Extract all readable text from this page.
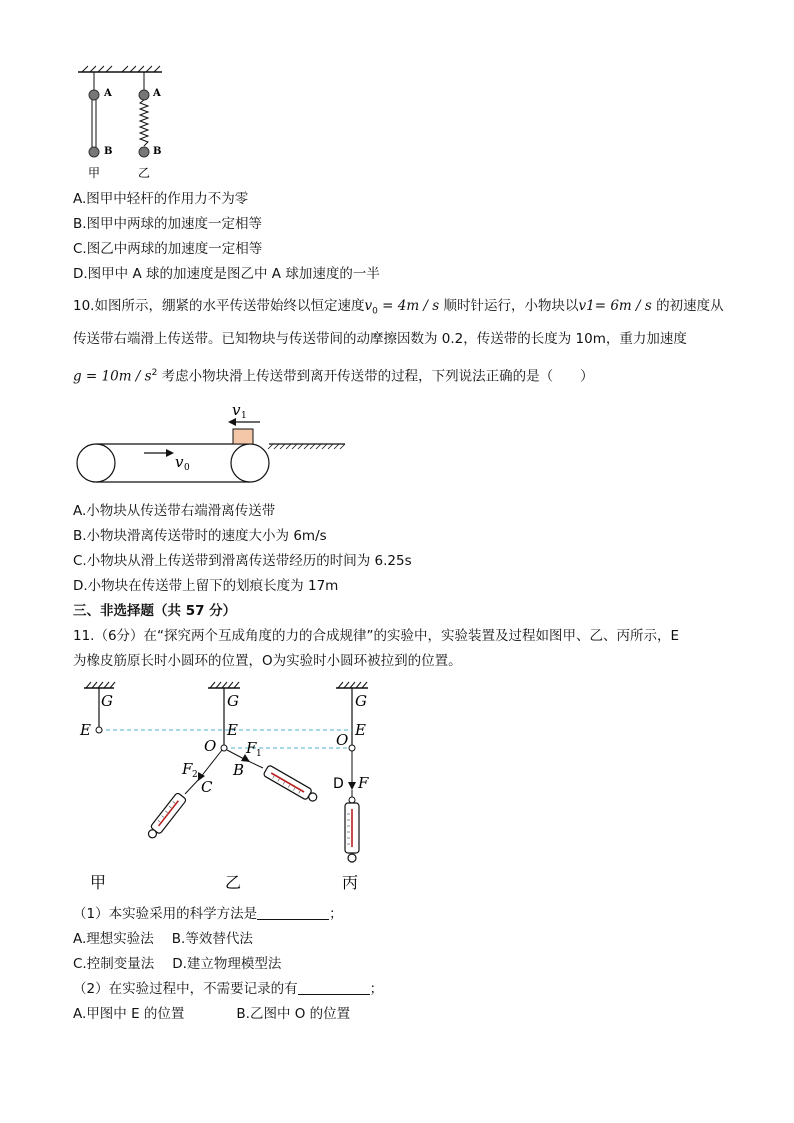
A
B
A
B
甲	乙
A.图甲中轻杆的作用力不为零
B.图甲中两球的加速度一定相等
C.图乙中两球的加速度一定相等
D.图甲中 A 球的加速度是图乙中 A 球加速度的一半
10.如图所示，绷紧的水平传送带始终以恒定速度$v_0 = 4m / s$ 顺时针运行，小物块以v1= 6m / s 的初速度从
传送带右端滑上传送带。已知物块与传送带间的动摩擦因数为 0.2，传送带的长度为 10m，重力加速度
$g = 10m / s^2$ 考虑小物块滑上传送带到离开传送带的过程，下列说法正确的是（　　）
v 1
v 0
A.小物块从传送带右端滑离传送带
B.小物块滑离传送带时的速度大小为 6m/s
C.小物块从滑上传送带到滑离传送带经历的时间为 6.25s
D.小物块在传送带上留下的划痕长度为 17m
三、非选择题（共 57 分）
11.（6分）在“探究两个互成角度的力的合成规律”的实验中，实验装置及过程如图甲、乙、丙所示，E
为橡皮筋原长时小圆环的位置，O为实验时小圆环被拉到的位置。
G
E
G
E
O
G
E
O
F
F	B
C	F
1
2
D
甲	乙	丙
（1）本实验采用的科学方法是	；
A.理想实验法 B.等效替代法
C.控制变量法 D.建立物理模型法
（2）在实验过程中，不需要记录的有	；
A.甲图中 E 的位置	B.乙图中 O 的位置
